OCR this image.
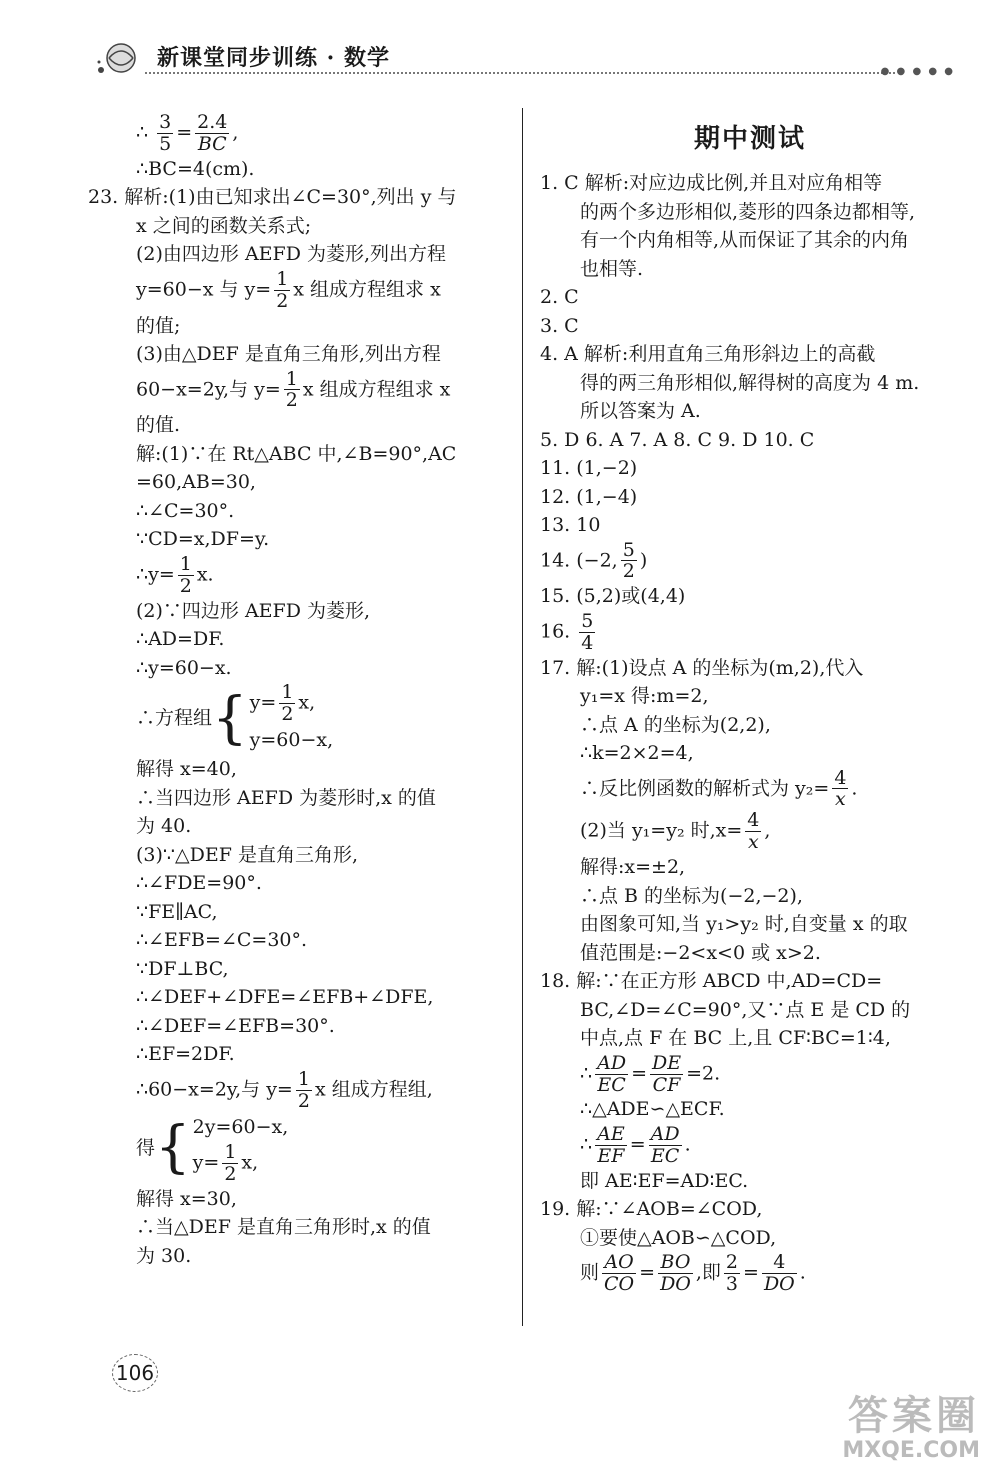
新课堂同步训练 · 数学
● ● ● ● ●
∴ $\frac{3}{5} = \frac{2.4}{BC}$ ,
∴BC=4(cm).
23. 解析:(1)由已知求出∠C=30°,列出 y 与
x 之间的函数关系式;
(2)由四边形 AEFD 为菱形,列出方程
y=60−x 与 $y= \frac{1}{2}$ x 组成方程组求 x
的值;
(3)由△DEF 是直角三角形,列出方程
60−x=2y,与 $y= \frac{1}{2}$ x 组成方程组求 x
的值.
解:(1)∵在 Rt△ABC 中,∠B=90°,AC
=60,AB=30,
∴∠C=30°.
∵CD=x,DF=y.
∴y= $\frac{1}{2} x$.
(2)∵四边形 AEFD 为菱形,
∴AD=DF.
∴y=60−x.
∴方程组 { $y= \frac{1}{2} x$,
y=60−x,
解得 x=40,
∴当四边形 AEFD 为菱形时,x 的值
为 40.
(3)∵△DEF 是直角三角形,
∴∠FDE=90°.
∵FE∥AC,
∴∠EFB=∠C=30°.
∵DF⊥BC,
∴∠DEF+∠DFE=∠EFB+∠DFE,
∴∠DEF=∠EFB=30°.
∴EF=2DF.
∴60−x=2y,与 $y= \frac{1}{2}$ x 组成方程组,
得 { 2y=60−x,
$y= \frac{1}{2} x$,
解得 x=30,
∴当△DEF 是直角三角形时,x 的值
为 30.
期中测试
1. C 解析:对应边成比例,并且对应角相等
的两个多边形相似,菱形的四条边都相等,
有一个内角相等,从而保证了其余的内角
也相等.
2. C
3. C
4. A 解析:利用直角三角形斜边上的高截
得的两三角形相似,解得树的高度为 4 m.
所以答案为 A.
5. D 6. A 7. A 8. C 9. D 10. C
11. (1,−2)
12. (1,−4)
13. 10
14. (−2, $\frac{5}{2}$ )
15. (5,2)或(4,4)
16. $\frac{5}{4}$
17. 解:(1)设点 A 的坐标为(m,2),代入
y₁=x 得:m=2,
∴点 A 的坐标为(2,2),
∴k=2×2=4,
∴反比例函数的解析式为 $y_2= \frac{4}{x}$ .
(2)当 y₁=y₂ 时$,x= \frac{4}{x}$ ,
解得:x=±2,
∴点 B 的坐标为(−2,−2),
由图象可知,当 y₁>y₂ 时,自变量 x 的取
值范围是:−2<x<0 或 x>2.
18. 解:∵在正方形 ABCD 中,AD=CD=
BC,∠D=∠C=90°,又∵点 E 是 CD 的
中点,点 F 在 BC 上,且 CF∶BC=1∶4,
∴ $\frac{AD}{EC} = \frac{DE}{CF} =2$.
∴△ADE∽△ECF.
∴ $\frac{AE}{EF} = \frac{AD}{EC}$ .
即 AE∶EF=AD∶EC.
19. 解:∵∠AOB=∠COD,
①要使△AOB∽△COD,
则 $\frac{AO}{CO} = \frac{BO}{DO}$ ,即 $\frac{2}{3} = \frac{4}{DO}$ .
106
答案圈
MXQE.COM
